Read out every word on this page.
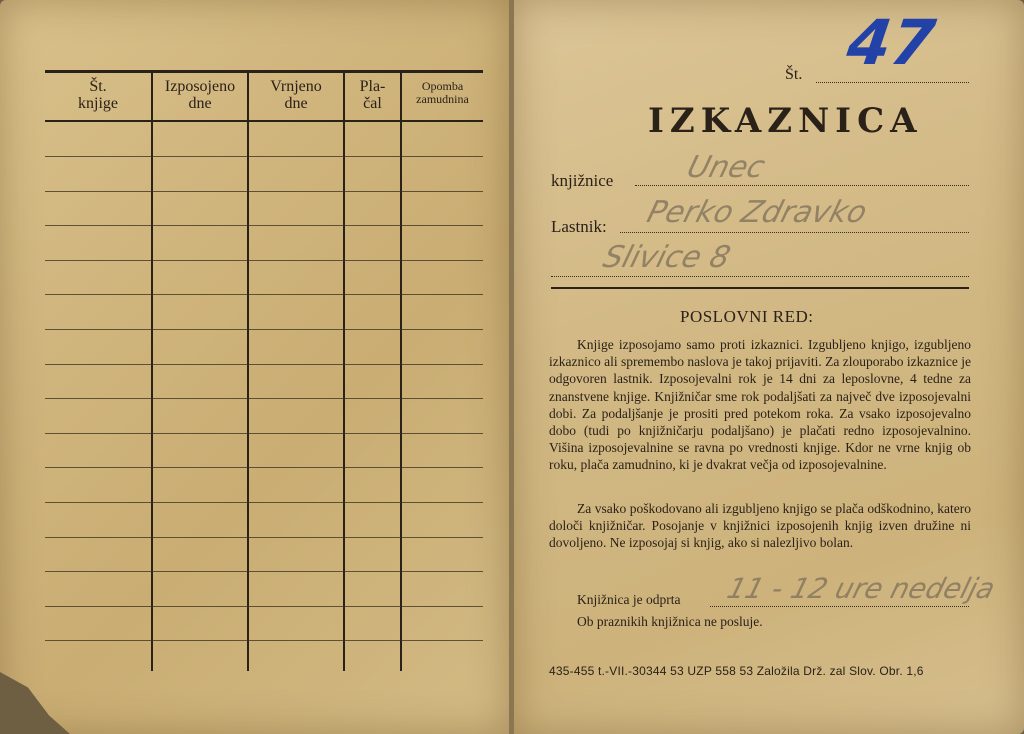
Št.
knjige
Izposojeno
dne
Vrnjeno
dne
Pla-
čal
Opomba
zamudnina
Št. 47
IZKAZNICA
knjižnice Unec
Lastnik: Perko Zdravko
Slivice 8
POSLOVNI RED:

Knjige izposojamo samo proti izkaznici. Izgubljeno knjigo, izgubljeno izkaznico ali spremembo naslova je takoj prijaviti. Za zlouporabo izkaznice je odgovoren lastnik. Izposojevalni rok je 14 dni za leposlovne, 4 tedne za znanstvene knjige. Knjižničar sme rok podaljšati za največ dve izposojevalni dobi. Za podaljšanje je prositi pred potekom roka. Za vsako izposojevalno dobo (tudi po knjižničarju podaljšano) je plačati redno izposojevalnino. Višina izposojevalnine se ravna po vrednosti knjige. Kdor ne vrne knjig ob roku, plača zamudnino, ki je dvakrat večja od izposojevalnine.

Za vsako poškodovano ali izgubljeno knjigo se plača odškodnino, katero določi knjižničar. Posojanje v knjižnici izposojenih knjig izven družine ni dovoljeno. Ne izposojaj si knjig, ako si nalezljivo bolan.

Knjižnica je odprta 11 - 12 ure nedelja
Ob praznikih knjižnica ne posluje.
435-455 t.-VII.-30344 53 UZP 558 53 Založila Drž. zal Slov. Obr. 1,6
